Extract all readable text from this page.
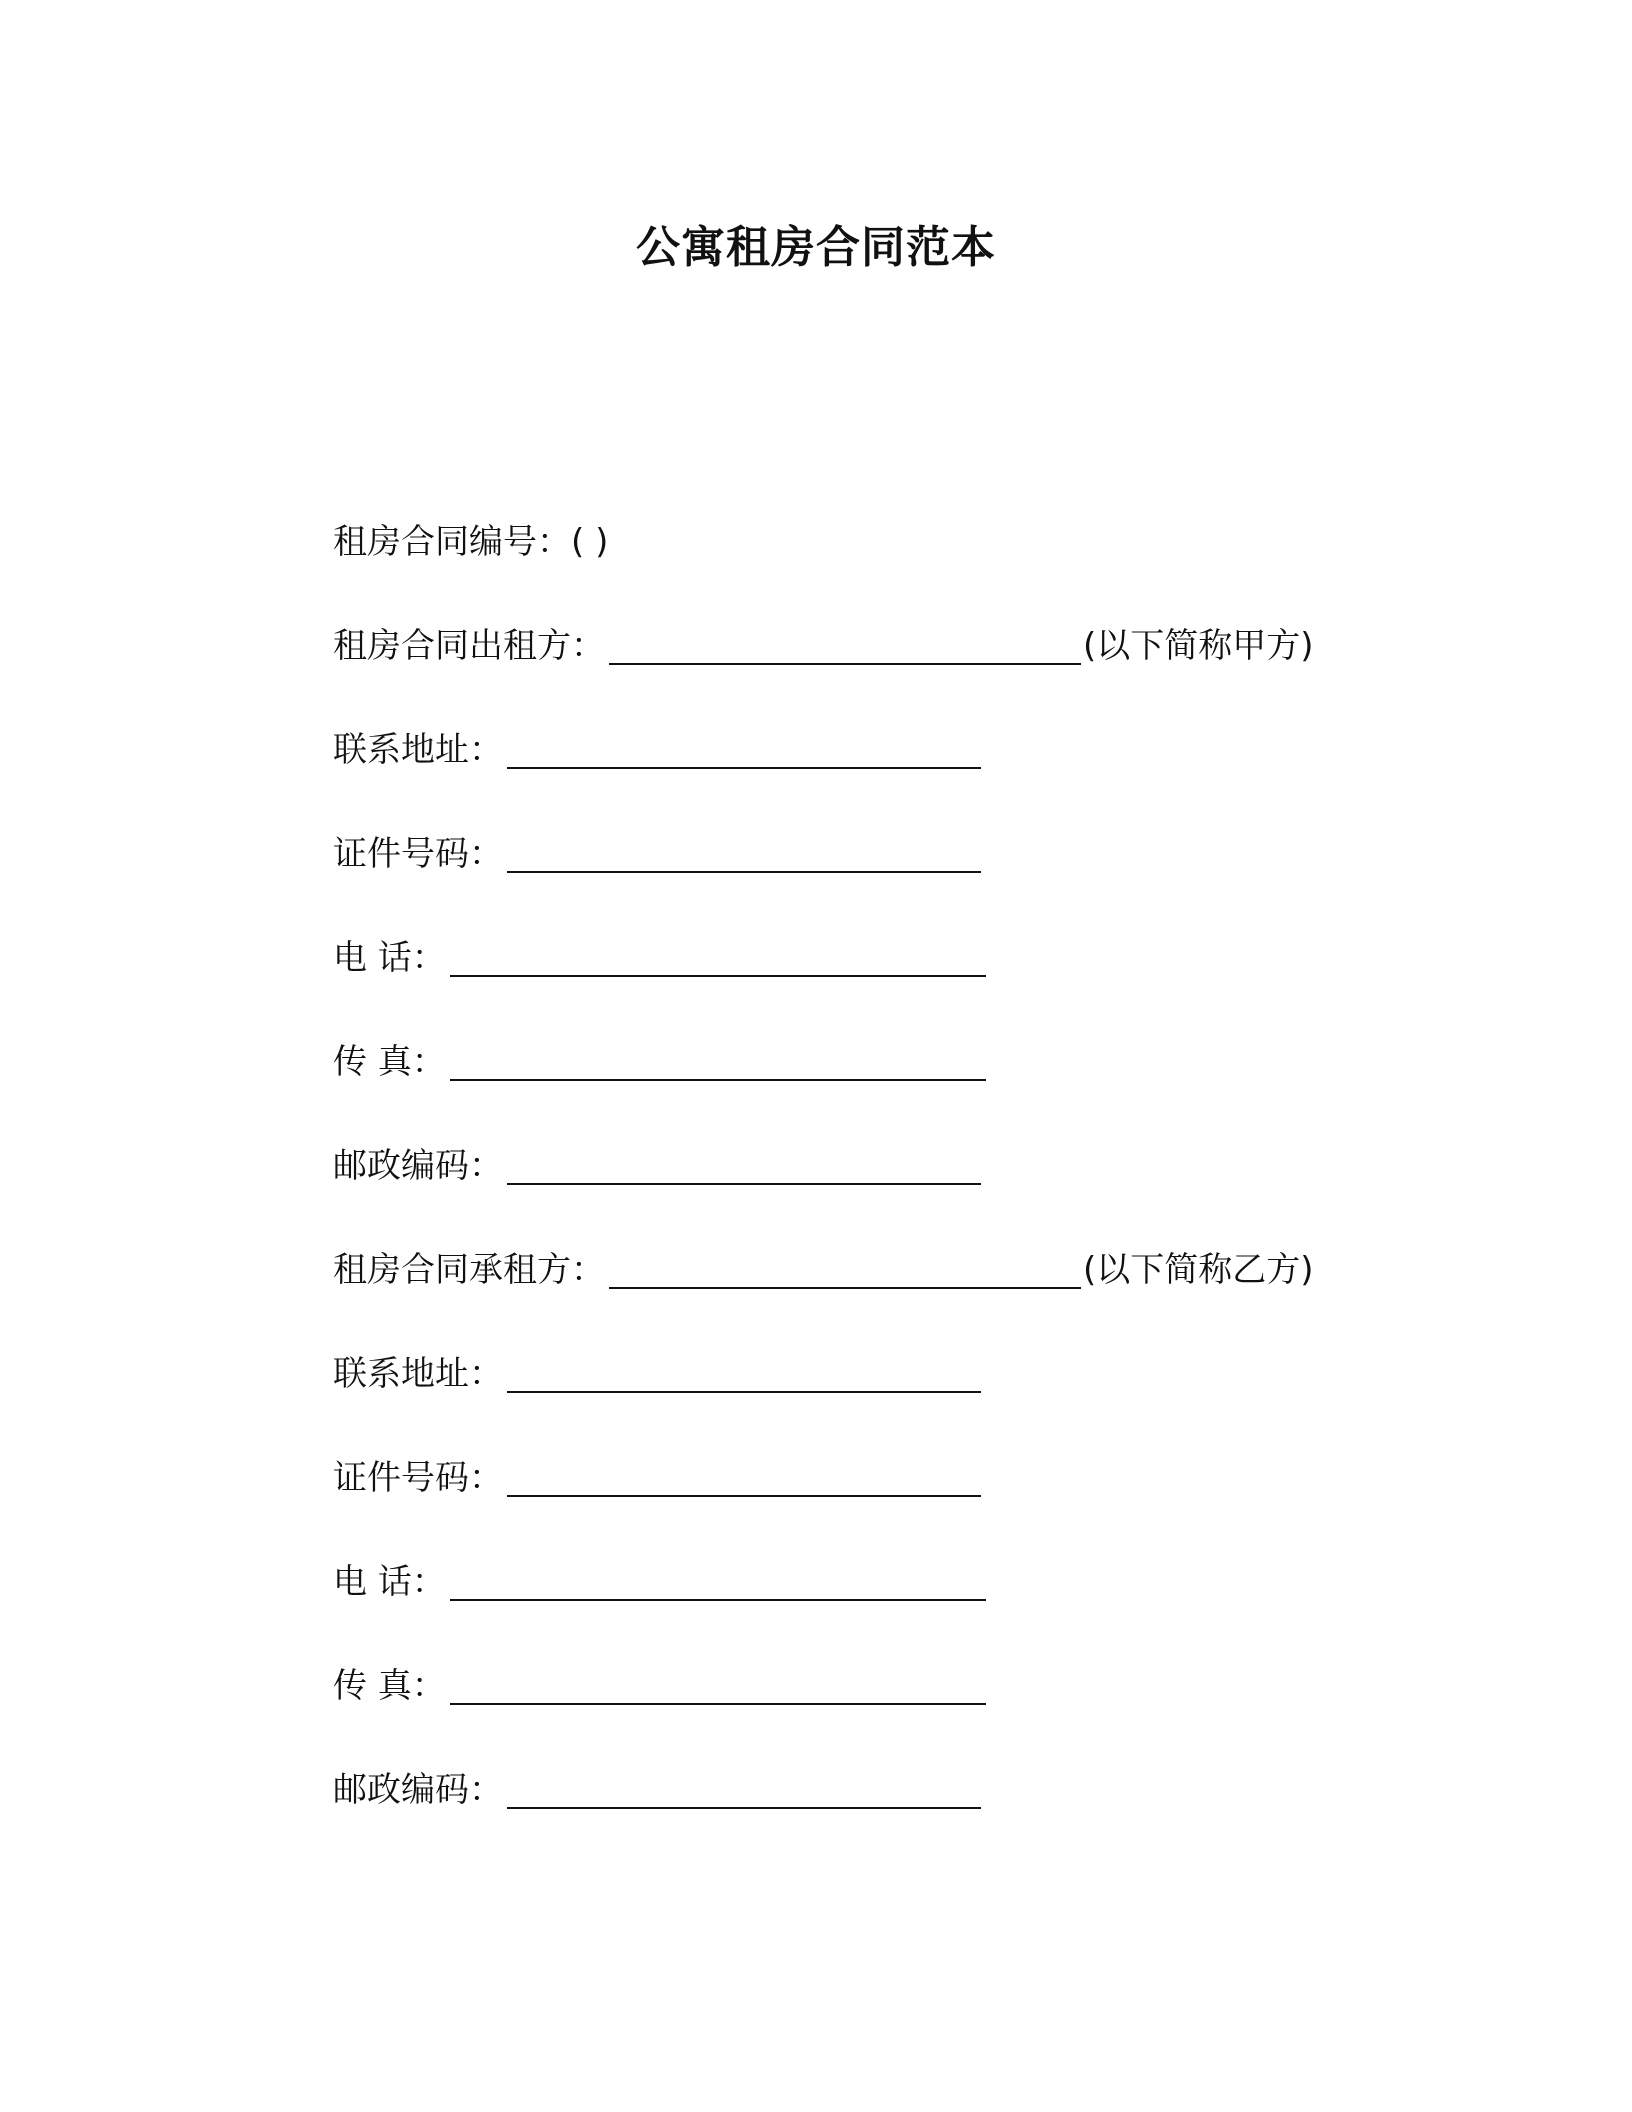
公寓租房合同范本
租房合同编号： ( )
租房合同出租方：	(以下简称甲方)
联系地址：
证件号码：
电 话：
传 真：
邮政编码：
租房合同承租方：	(以下简称乙方)
联系地址：
证件号码：
电 话：
传 真：
邮政编码：
